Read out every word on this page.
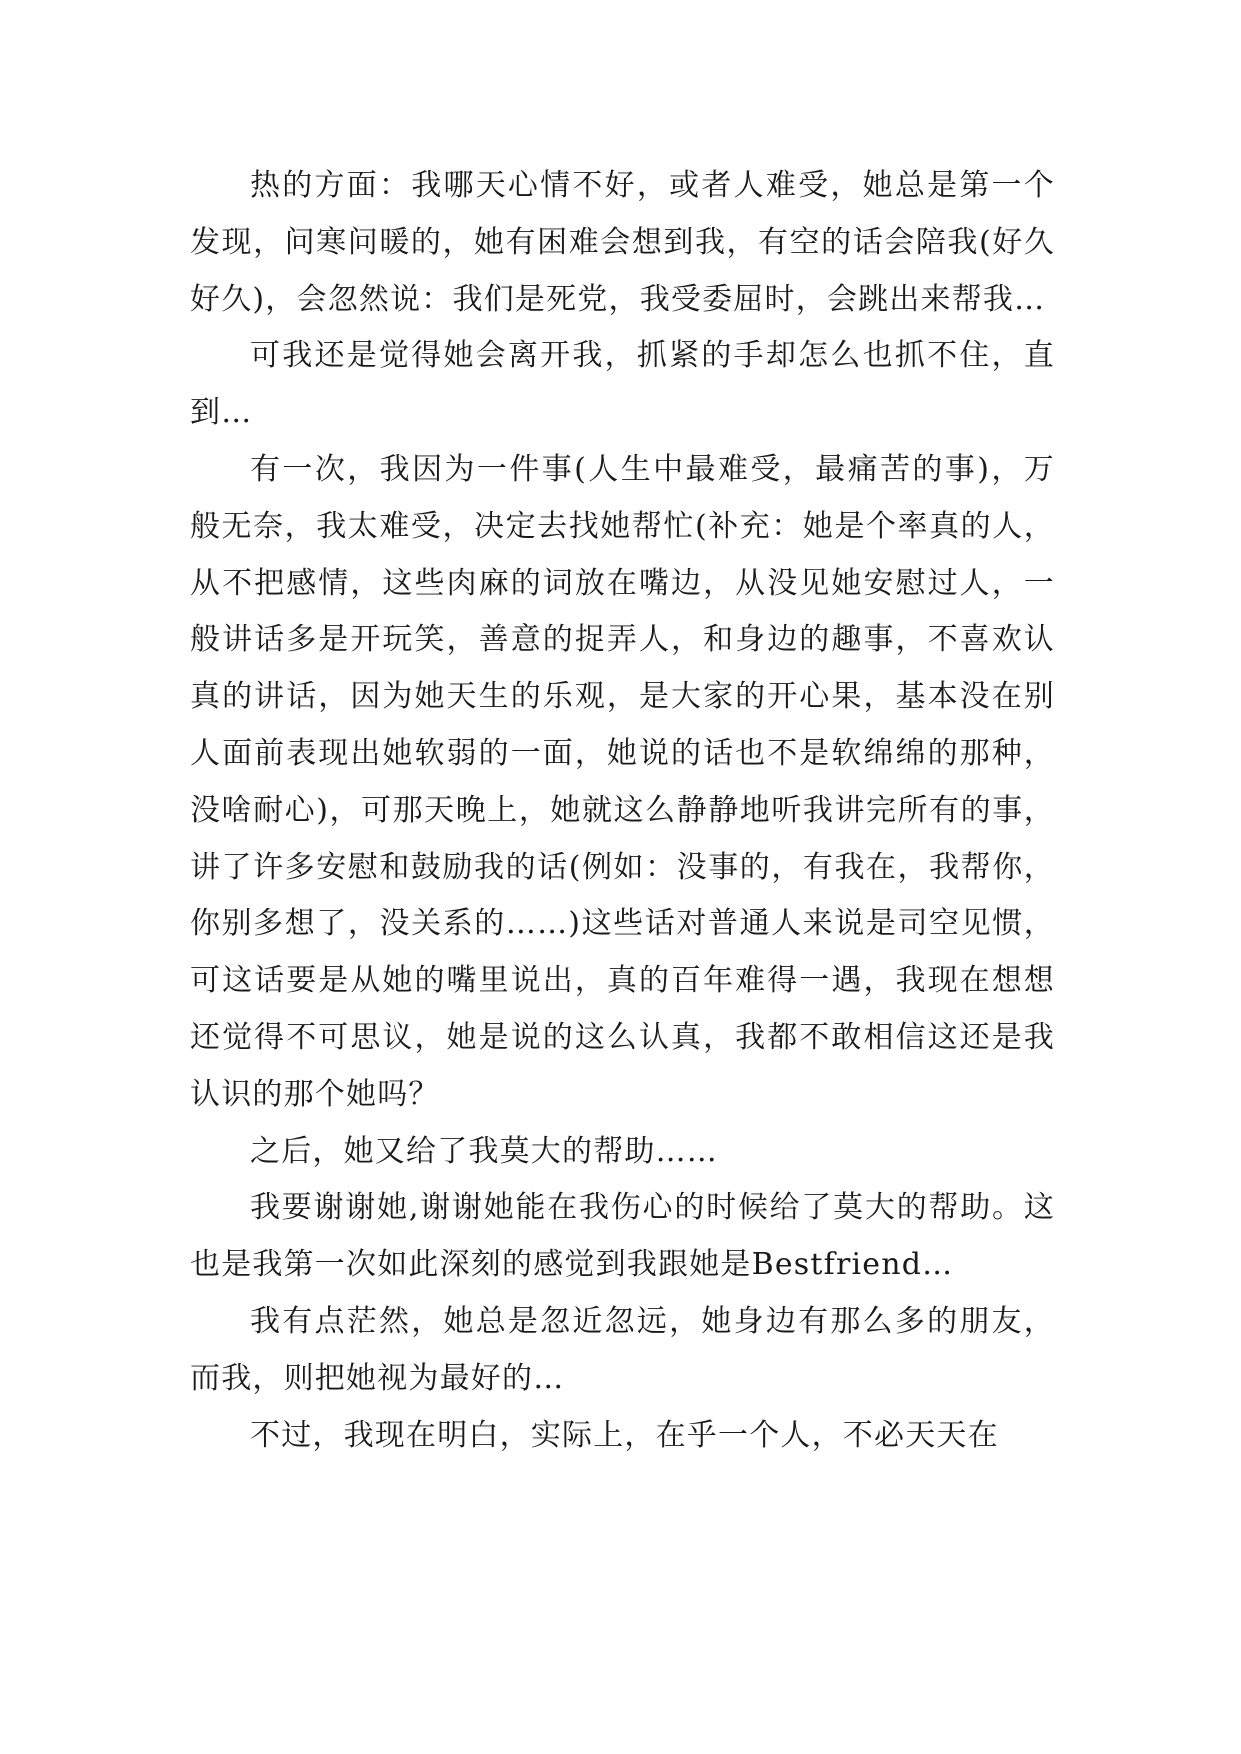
热的方面：我哪天心情不好，或者人难受，她总是第一个发现，问寒问暖的，她有困难会想到我，有空的话会陪我(好久好久)，会忽然说：我们是死党，我受委屈时，会跳出来帮我…

可我还是觉得她会离开我，抓紧的手却怎么也抓不住，直到…

有一次，我因为一件事(人生中最难受，最痛苦的事)，万般无奈，我太难受，决定去找她帮忙(补充：她是个率真的人，从不把感情，这些肉麻的词放在嘴边，从没见她安慰过人，一般讲话多是开玩笑，善意的捉弄人，和身边的趣事，不喜欢认真的讲话，因为她天生的乐观，是大家的开心果，基本没在别人面前表现出她软弱的一面，她说的话也不是软绵绵的那种，没啥耐心)，可那天晚上，她就这么静静地听我讲完所有的事，讲了许多安慰和鼓励我的话(例如：没事的，有我在，我帮你，你别多想了，没关系的……)这些话对普通人来说是司空见惯，可这话要是从她的嘴里说出，真的百年难得一遇，我现在想想还觉得不可思议，她是说的这么认真，我都不敢相信这还是我认识的那个她吗？

之后，她又给了我莫大的帮助……

我要谢谢她,谢谢她能在我伤心的时候给了莫大的帮助。这也是我第一次如此深刻的感觉到我跟她是Bestfriend…

我有点茫然，她总是忽近忽远，她身边有那么多的朋友，而我，则把她视为最好的…

不过，我现在明白，实际上，在乎一个人，不必天天在
